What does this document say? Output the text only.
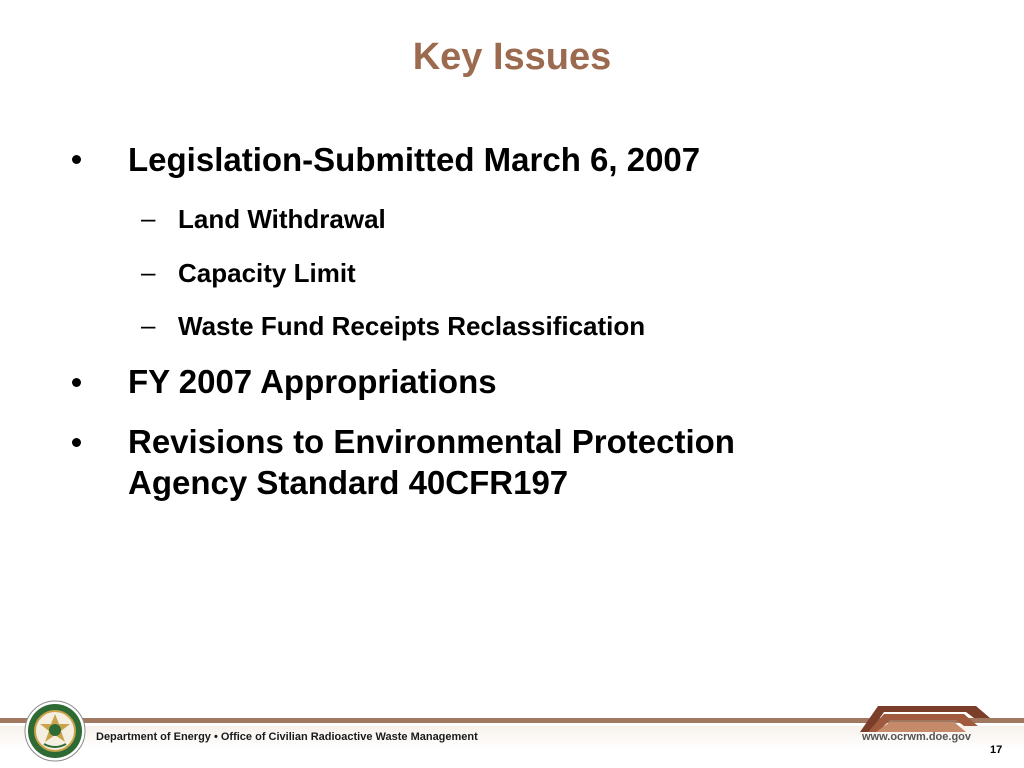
Key Issues
Legislation-Submitted March 6, 2007
– Land Withdrawal
– Capacity Limit
– Waste Fund Receipts Reclassification
FY 2007 Appropriations
Revisions to Environmental Protection
Agency Standard 40CFR197
Department of Energy • Office of Civilian Radioactive Waste Management	www.ocrwm.doe.gov
17
